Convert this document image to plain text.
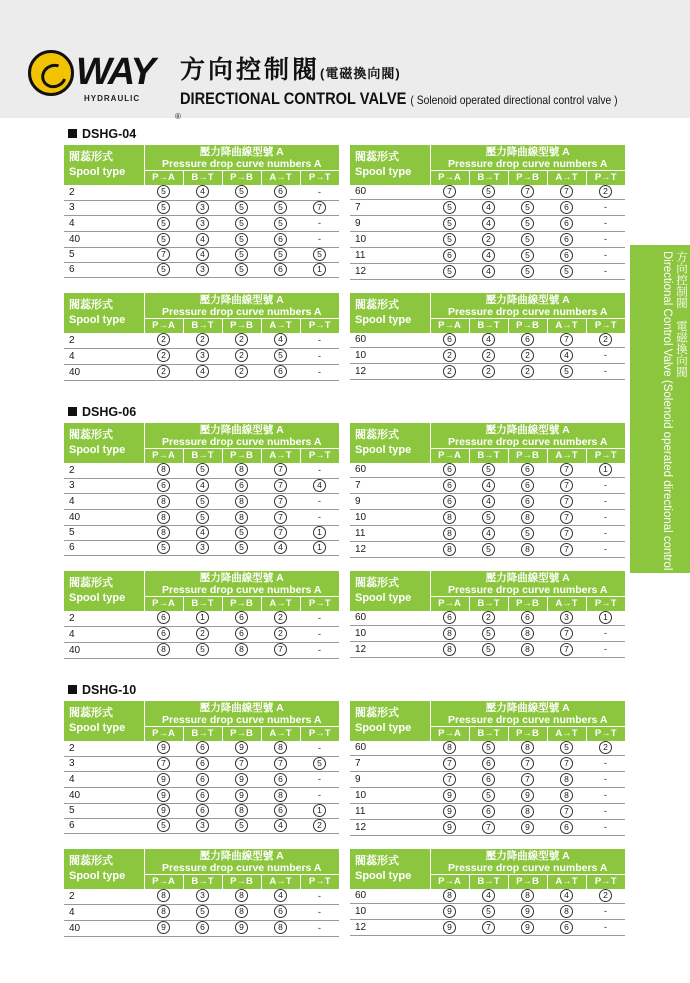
WAY
HYDRAULIC
®
方向控制閥(電磁換向閥)
DIRECTIONAL CONTROL VALVE ( Solenoid operated directional control valve )
方向控制閥　電磁換向閥
Directional Control Valve (Solenoid operated directional control valve)
DSHG-04
閥蕊形式
Spool type	壓力降曲線型號 A
Pressure drop curve numbers A				

	P→A	B→T	P→B	A→T	P→T
2	5	4	5	6	-
3	5	3	5	5	7
4	5	3	5	5	-
40	5	4	5	6	-
5	7	4	5	5	5
6	5	3	5	6	1
閥蕊形式
Spool type	壓力降曲線型號 A
Pressure drop curve numbers A				

	P→A	B→T	P→B	A→T	P→T
60	7	5	7	7	2
7	5	4	5	6	-
9	5	4	5	6	-
10	5	2	5	6	-
11	6	4	5	6	-
12	5	4	5	5	-
閥蕊形式
Spool type	壓力降曲線型號 A
Pressure drop curve numbers A				

	P→A	B→T	P→B	A→T	P→T
2	2	2	2	4	-
4	2	3	2	5	-
40	2	4	2	6	-
閥蕊形式
Spool type	壓力降曲線型號 A
Pressure drop curve numbers A				

	P→A	B→T	P→B	A→T	P→T
60	6	4	6	7	2
10	2	2	2	4	-
12	2	2	2	5	-
DSHG-06
閥蕊形式
Spool type	壓力降曲線型號 A
Pressure drop curve numbers A				

	P→A	B→T	P→B	A→T	P→T
2	8	5	8	7	-
3	6	4	6	7	4
4	8	5	8	7	-
40	8	5	8	7	-
5	8	4	5	7	1
6	5	3	5	4	1
閥蕊形式
Spool type	壓力降曲線型號 A
Pressure drop curve numbers A				

	P→A	B→T	P→B	A→T	P→T
60	6	5	6	7	1
7	6	4	6	7	-
9	6	4	6	7	-
10	8	5	8	7	-
11	8	4	5	7	-
12	8	5	8	7	-
閥蕊形式
Spool type	壓力降曲線型號 A
Pressure drop curve numbers A				

	P→A	B→T	P→B	A→T	P→T
2	6	1	6	2	-
4	6	2	6	2	-
40	8	5	8	7	-
閥蕊形式
Spool type	壓力降曲線型號 A
Pressure drop curve numbers A				

	P→A	B→T	P→B	A→T	P→T
60	6	2	6	3	1
10	8	5	8	7	-
12	8	5	8	7	-
DSHG-10
閥蕊形式
Spool type	壓力降曲線型號 A
Pressure drop curve numbers A				

	P→A	B→T	P→B	A→T	P→T
2	9	6	9	8	-
3	7	6	7	7	5
4	9	6	9	6	-
40	9	6	9	8	-
5	9	6	8	6	1
6	5	3	5	4	2
閥蕊形式
Spool type	壓力降曲線型號 A
Pressure drop curve numbers A				

	P→A	B→T	P→B	A→T	P→T
60	8	5	8	5	2
7	7	6	7	7	-
9	7	6	7	8	-
10	9	5	9	8	-
11	9	6	8	7	-
12	9	7	9	6	-
閥蕊形式
Spool type	壓力降曲線型號 A
Pressure drop curve numbers A				

	P→A	B→T	P→B	A→T	P→T
2	8	3	8	4	-
4	8	5	8	6	-
40	9	6	9	8	-
閥蕊形式
Spool type	壓力降曲線型號 A
Pressure drop curve numbers A				

	P→A	B→T	P→B	A→T	P→T
60	8	4	8	4	2
10	9	5	9	8	-
12	9	7	9	6	-
